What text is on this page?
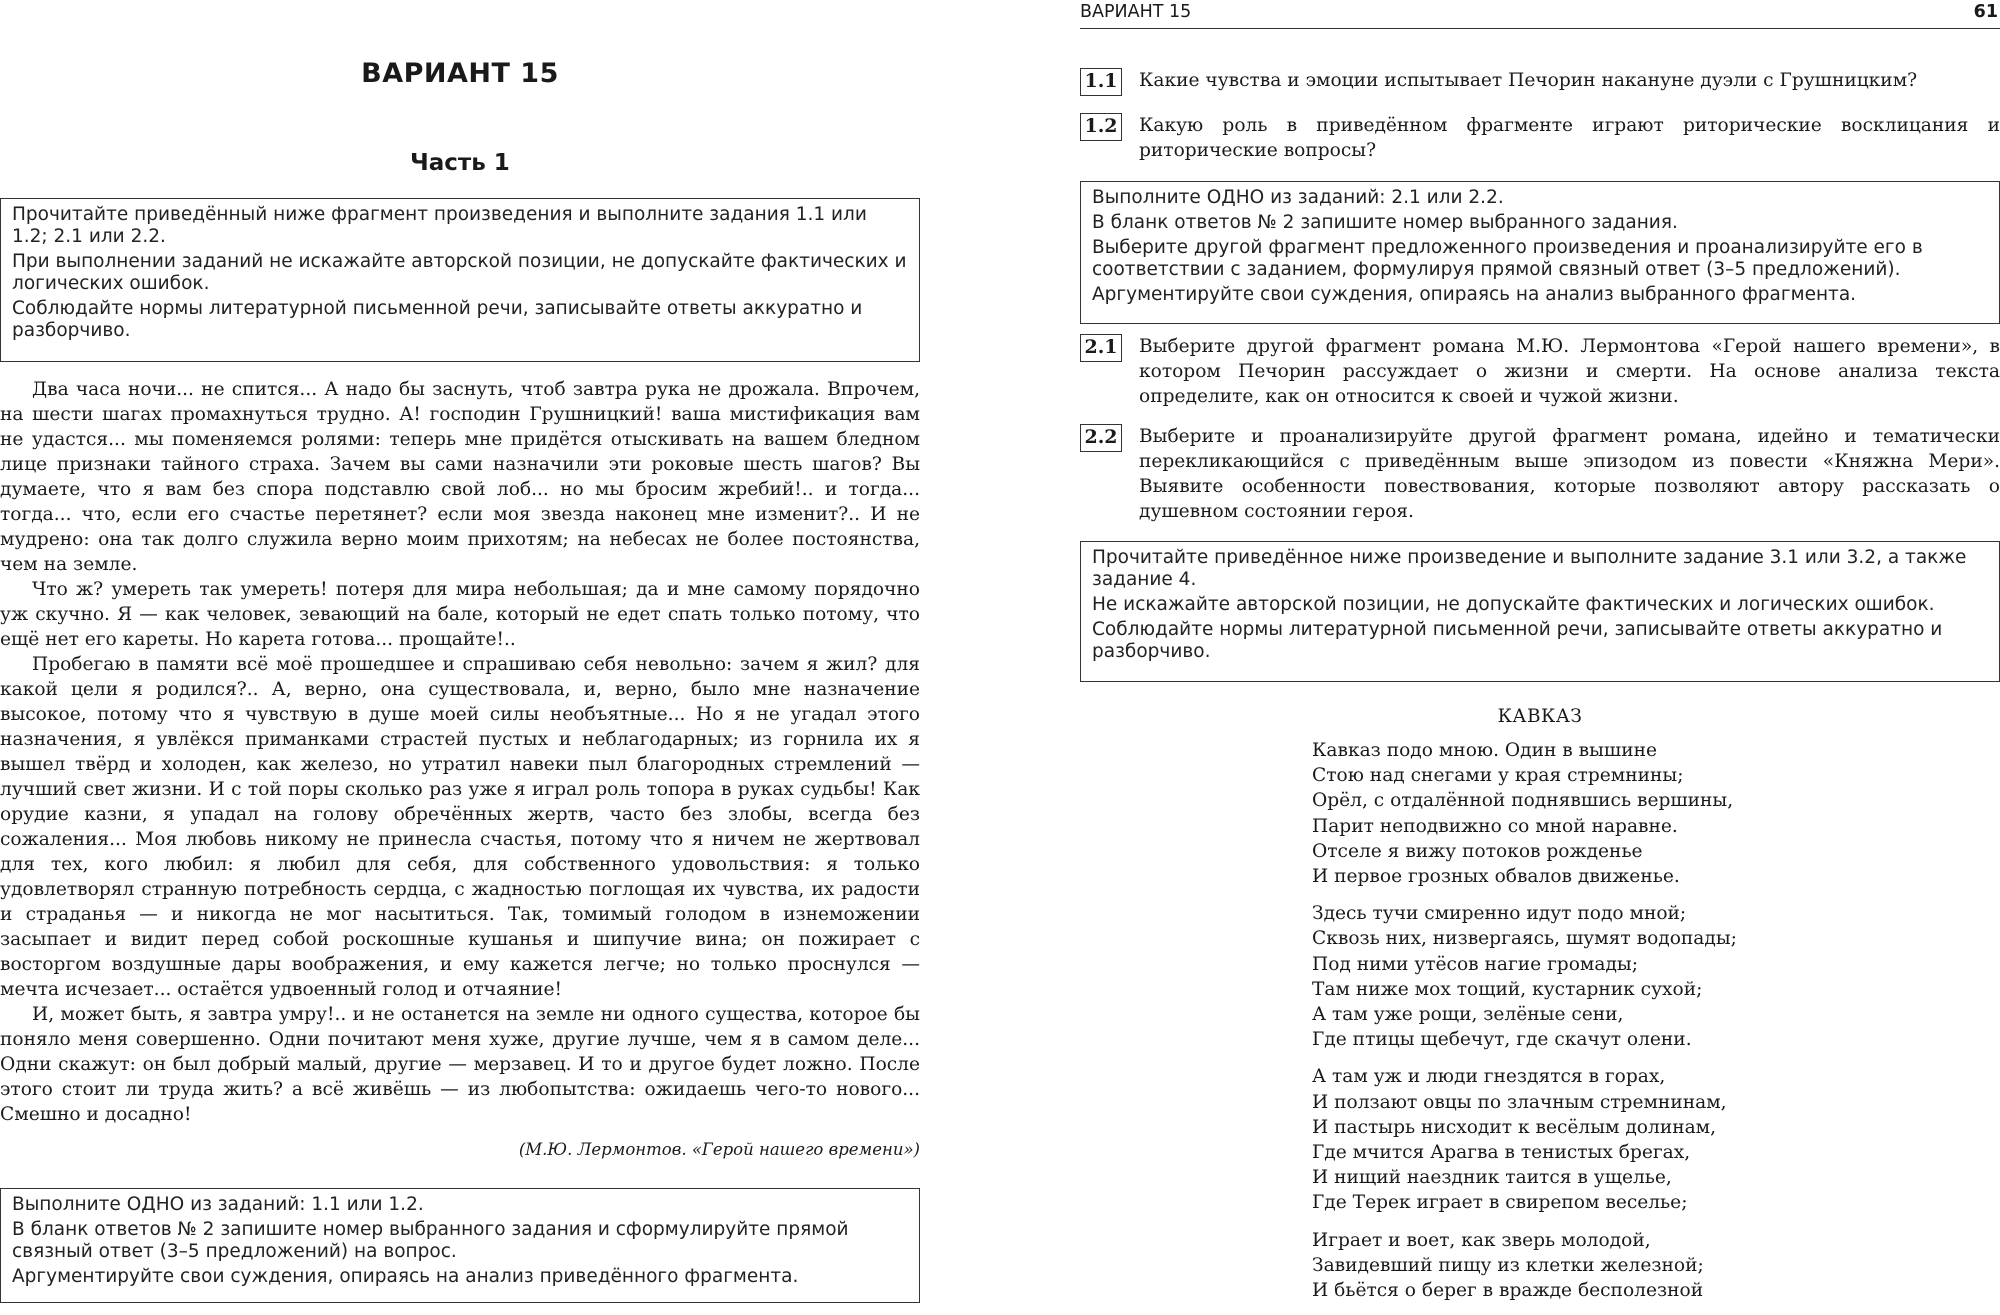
ВАРИАНТ 15
Часть 1

Прочитайте приведённый ниже фрагмент произведения и выполните задания 1.1 или 1.2; 2.1 или 2.2.

При выполнении заданий не искажайте авторской позиции, не допускайте фактических и логических ошибок.

Соблюдайте нормы литературной письменной речи, записывайте ответы аккуратно и разборчиво.

Два часа ночи... не спится... А надо бы заснуть, чтоб завтра рука не дрожала. Впрочем, на шести шагах промахнуться трудно. А! господин Грушницкий! ваша мистификация вам не удастся... мы поменяемся ролями: теперь мне придётся отыскивать на вашем бледном лице признаки тайного страха. Зачем вы сами назначили эти роковые шесть шагов? Вы думаете, что я вам без спора подставлю свой лоб... но мы бросим жребий!.. и тогда... тогда... что, если его счастье перетянет? если моя звезда наконец мне изменит?.. И не мудрено: она так долго служила верно моим прихотям; на небесах не более постоянства, чем на земле.

Что ж? умереть так умереть! потеря для мира небольшая; да и мне самому порядочно уж скучно. Я — как человек, зевающий на бале, который не едет спать только потому, что ещё нет его кареты. Но карета готова... прощайте!..

Пробегаю в памяти всё моё прошедшее и спрашиваю себя невольно: зачем я жил? для какой цели я родился?.. А, верно, она существовала, и, верно, было мне назначение высокое, потому что я чувствую в душе моей силы необъятные... Но я не угадал этого назначения, я увлёкся приманками страстей пустых и неблагодарных; из горнила их я вышел твёрд и холоден, как железо, но утратил навеки пыл благородных стремлений — лучший свет жизни. И с той поры сколько раз уже я играл роль топора в руках судьбы! Как орудие казни, я упадал на голову обречённых жертв, часто без злобы, всегда без сожаления... Моя любовь никому не принесла счастья, потому что я ничем не жертвовал для тех, кого любил: я любил для себя, для собственного удовольствия: я только удовлетворял странную потребность сердца, с жадностью поглощая их чувства, их радости и страданья — и никогда не мог насытиться. Так, томимый голодом в изнеможении засыпает и видит перед собой роскошные кушанья и шипучие вина; он пожирает с восторгом воздушные дары воображения, и ему кажется легче; но только проснулся — мечта исчезает... остаётся удвоенный голод и отчаяние!

И, может быть, я завтра умру!.. и не останется на земле ни одного существа, которое бы поняло меня совершенно. Одни почитают меня хуже, другие лучше, чем я в самом деле... Одни скажут: он был добрый малый, другие — мерзавец. И то и другое будет ложно. После этого стоит ли труда жить? а всё живёшь — из любопытства: ожидаешь чего-то нового... Смешно и досадно!

(М.Ю. Лермонтов. «Герой нашего времени»)

Выполните ОДНО из заданий: 1.1 или 1.2.

В бланк ответов № 2 запишите номер выбранного задания и сформулируйте прямой связный ответ (3–5 предложений) на вопрос.

Аргументируйте свои суждения, опираясь на анализ приведённого фрагмента.

ВАРИАНТ 15	61
1.1 Какие чувства и эмоции испытывает Печорин накануне дуэли с Грушницким?
1.2 Какую роль в приведённом фрагменте играют риторические восклицания и риторические вопросы?

Выполните ОДНО из заданий: 2.1 или 2.2.

В бланк ответов № 2 запишите номер выбранного задания.

Выберите другой фрагмент предложенного произведения и проанализируйте его в соответствии с заданием, формулируя прямой связный ответ (3–5 предложений).

Аргументируйте свои суждения, опираясь на анализ выбранного фрагмента.

2.1 Выберите другой фрагмент романа М.Ю. Лермонтова «Герой нашего времени», в котором Печорин рассуждает о жизни и смерти. На основе анализа текста определите, как он относится к своей и чужой жизни.
2.2 Выберите и проанализируйте другой фрагмент романа, идейно и тематически перекликающийся с приведённым выше эпизодом из повести «Княжна Мери». Выявите особенности повествования, которые позволяют автору рассказать о душевном состоянии героя.

Прочитайте приведённое ниже произведение и выполните задание 3.1 или 3.2, а также задание 4.

Не искажайте авторской позиции, не допускайте фактических и логических ошибок.

Соблюдайте нормы литературной письменной речи, записывайте ответы аккуратно и разборчиво.

КАВКАЗ
Кавказ подо мною. Один в вышине
Стою над снегами у края стремнины;
Орёл, с отдалённой поднявшись вершины,
Парит неподвижно со мной наравне.
Отселе я вижу потоков рожденье
И первое грозных обвалов движенье.
Здесь тучи смиренно идут подо мной;
Сквозь них, низвергаясь, шумят водопады;
Под ними утёсов нагие громады;
Там ниже мох тощий, кустарник сухой;
А там уже рощи, зелёные сени,
Где птицы щебечут, где скачут олени.
А там уж и люди гнездятся в горах,
И ползают овцы по злачным стремнинам,
И пастырь нисходит к весёлым долинам,
Где мчится Арагва в тенистых брегах,
И нищий наездник таится в ущелье,
Где Терек играет в свирепом веселье;
Играет и воет, как зверь молодой,
Завидевший пищу из клетки железной;
И бьётся о берег в вражде бесполезной
